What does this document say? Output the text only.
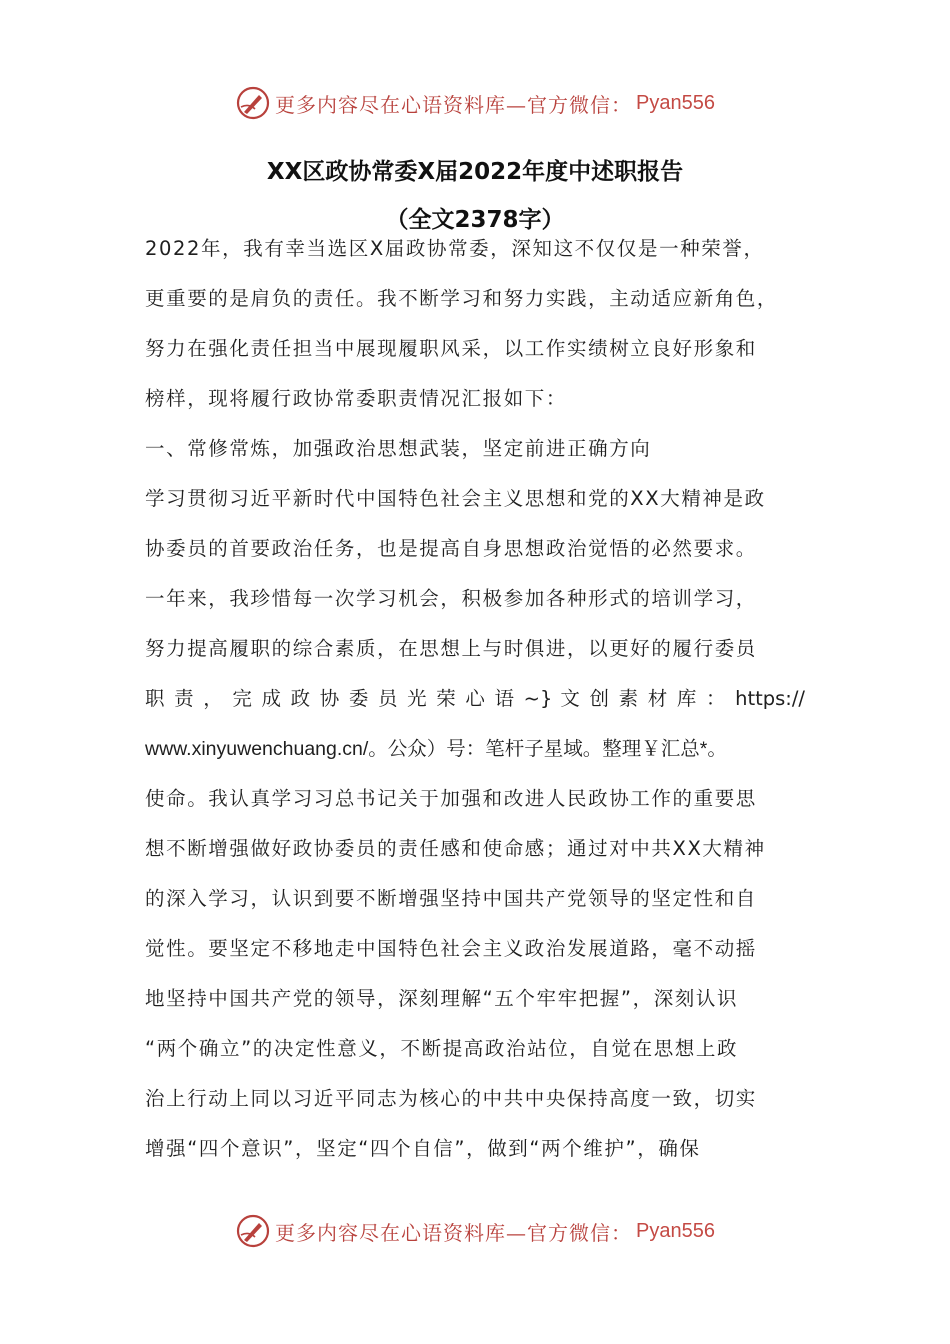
更多内容尽在心语资料库—官方微信： Pyan556
XX区政协常委X届2022年度中述职报告
（全文2378字）
2022年，我有幸当选区X届政协常委，深知这不仅仅是一种荣誉，
更重要的是肩负的责任。我不断学习和努力实践，主动适应新角色，
努力在强化责任担当中展现履职风采，以工作实绩树立良好形象和
榜样，现将履行政协常委职责情况汇报如下：
一、常修常炼，加强政治思想武装，坚定前进正确方向
学习贯彻习近平新时代中国特色社会主义思想和党的XX大精神是政
协委员的首要政治任务，也是提高自身思想政治觉悟的必然要求。
一年来，我珍惜每一次学习机会，积极参加各种形式的培训学习，
努力提高履职的综合素质，在思想上与时俱进，以更好的履行委员
职 责 ， 完 成 政 协 委 员 光 荣 心 语 ~} 文 创 素 材 库 ： https://
www.xinyuwenchuang.cn/。公众）号：笔杆子星域。整理￥汇总*。
使命。我认真学习习总书记关于加强和改进人民政协工作的重要思
想不断增强做好政协委员的责任感和使命感；通过对中共XX大精神
的深入学习，认识到要不断增强坚持中国共产党领导的坚定性和自
觉性。要坚定不移地走中国特色社会主义政治发展道路，毫不动摇
地坚持中国共产党的领导，深刻理解“五个牢牢把握”，深刻认识
“两个确立”的决定性意义，不断提高政治站位，自觉在思想上政
治上行动上同以习近平同志为核心的中共中央保持高度一致，切实
增强“四个意识”，坚定“四个自信”，做到“两个维护”，确保
更多内容尽在心语资料库—官方微信： Pyan556
